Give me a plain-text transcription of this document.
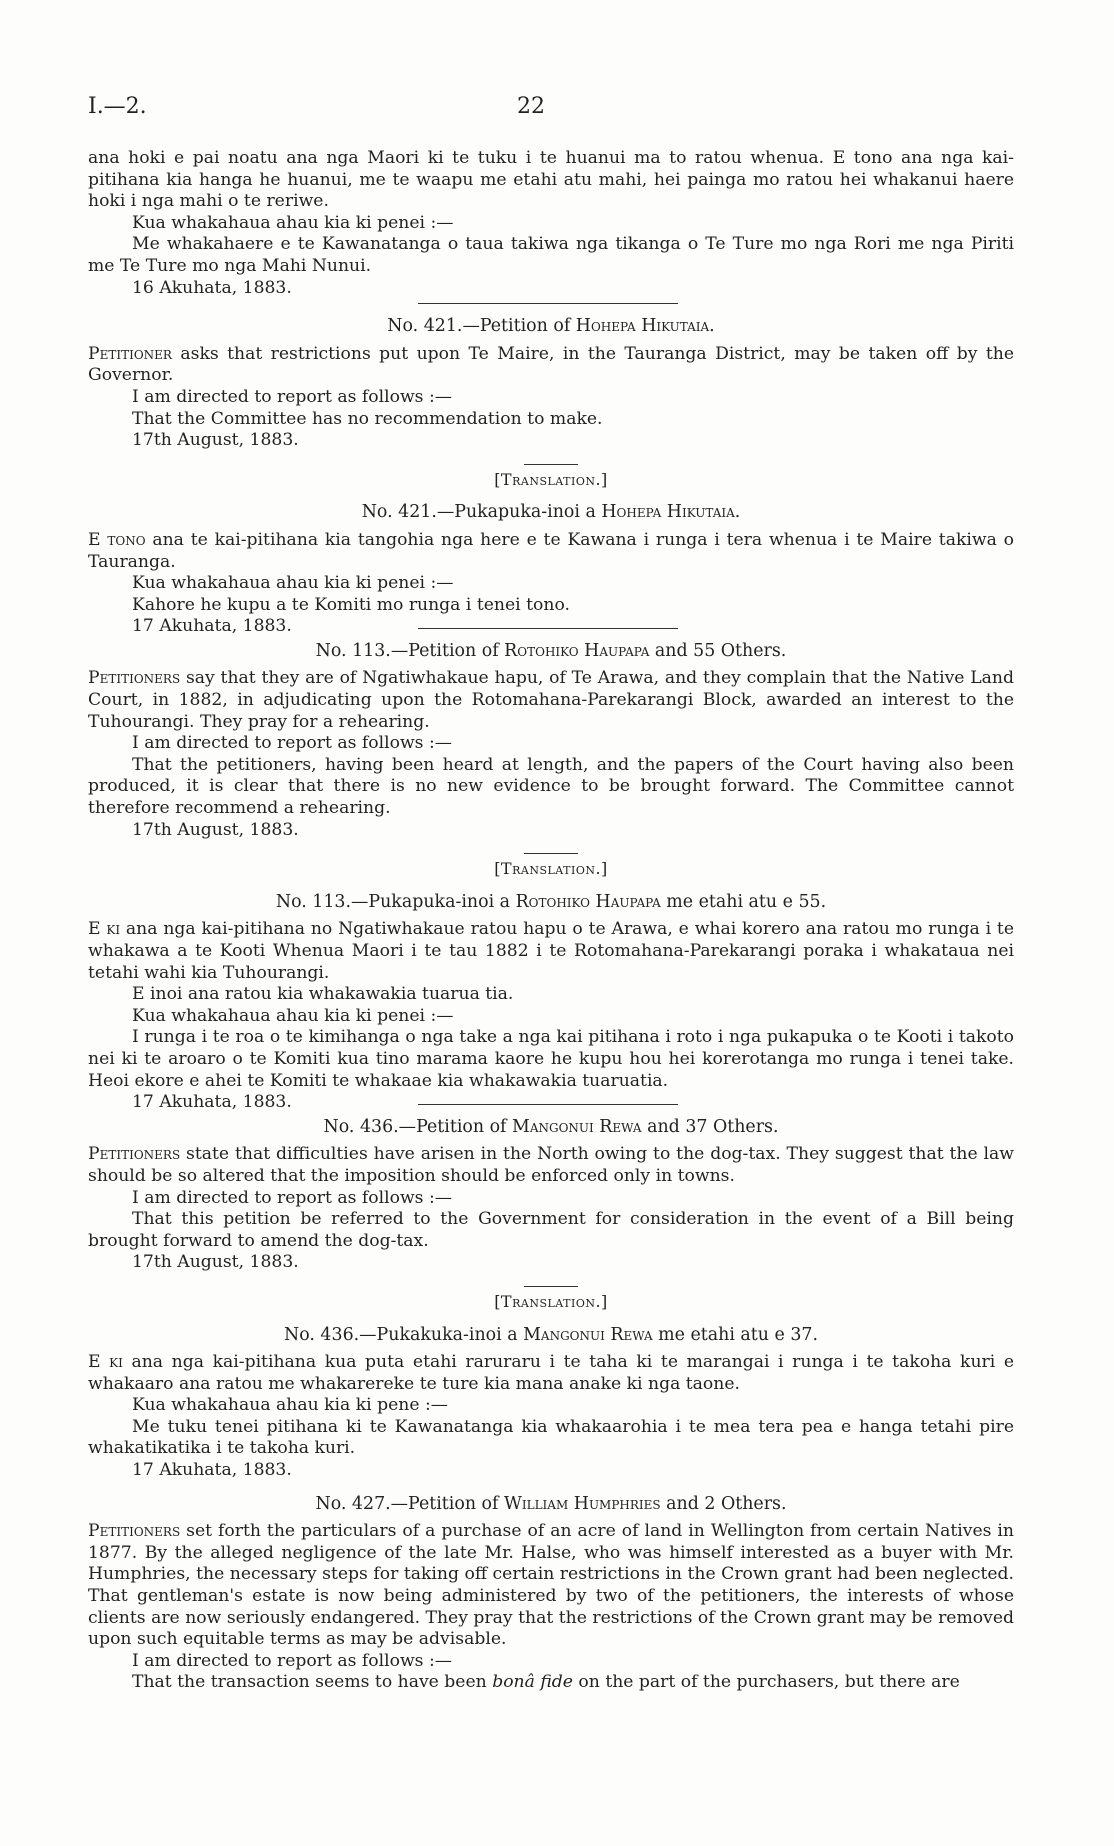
I.—2.	22

ana hoki e pai noatu ana nga Maori ki te tuku i te huanui ma to ratou whenua. E tono ana nga kai-pitihana kia hanga he huanui, me te waapu me etahi atu mahi, hei painga mo ratou hei whakanui haere hoki i nga mahi o te reriwe.

Kua whakahaua ahau kia ki penei :—

Me whakahaere e te Kawanatanga o taua takiwa nga tikanga o Te Ture mo nga Rori me nga Piriti me Te Ture mo nga Mahi Nunui.

16 Akuhata, 1883.

No. 421.—Petition of Hohepa Hikutaia.

Petitioner asks that restrictions put upon Te Maire, in the Tauranga District, may be taken off by the Governor.

I am directed to report as follows :—

That the Committee has no recommendation to make.

17th August, 1883.

[Translation.]

No. 421.—Pukapuka-inoi a Hohepa Hikutaia.

E tono ana te kai-pitihana kia tangohia nga here e te Kawana i runga i tera whenua i te Maire takiwa o Tauranga.

Kua whakahaua ahau kia ki penei :—

Kahore he kupu a te Komiti mo runga i tenei tono.

17 Akuhata, 1883.

No. 113.—Petition of Rotohiko Haupapa and 55 Others.

Petitioners say that they are of Ngatiwhakaue hapu, of Te Arawa, and they complain that the Native Land Court, in 1882, in adjudicating upon the Rotomahana-Parekarangi Block, awarded an interest to the Tuhourangi. They pray for a rehearing.

I am directed to report as follows :—

That the petitioners, having been heard at length, and the papers of the Court having also been produced, it is clear that there is no new evidence to be brought forward. The Committee cannot therefore recommend a rehearing.

17th August, 1883.

[Translation.]

No. 113.—Pukapuka-inoi a Rotohiko Haupapa me etahi atu e 55.

E ki ana nga kai-pitihana no Ngatiwhakaue ratou hapu o te Arawa, e whai korero ana ratou mo runga i te whakawa a te Kooti Whenua Maori i te tau 1882 i te Rotomahana-Parekarangi poraka i whakataua nei tetahi wahi kia Tuhourangi.

E inoi ana ratou kia whakawakia tuarua tia.

Kua whakahaua ahau kia ki penei :—

I runga i te roa o te kimihanga o nga take a nga kai pitihana i roto i nga pukapuka o te Kooti i takoto nei ki te aroaro o te Komiti kua tino marama kaore he kupu hou hei korerotanga mo runga i tenei take. Heoi ekore e ahei te Komiti te whakaae kia whakawakia tuaruatia.

17 Akuhata, 1883.

No. 436.—Petition of Mangonui Rewa and 37 Others.

Petitioners state that difficulties have arisen in the North owing to the dog-tax. They suggest that the law should be so altered that the imposition should be enforced only in towns.

I am directed to report as follows :—

That this petition be referred to the Government for consideration in the event of a Bill being brought forward to amend the dog-tax.

17th August, 1883.

[Translation.]

No. 436.—Pukakuka-inoi a Mangonui Rewa me etahi atu e 37.

E ki ana nga kai-pitihana kua puta etahi raruraru i te taha ki te marangai i runga i te takoha kuri e whakaaro ana ratou me whakarereke te ture kia mana anake ki nga taone.

Kua whakahaua ahau kia ki pene :—

Me tuku tenei pitihana ki te Kawanatanga kia whakaarohia i te mea tera pea e hanga tetahi pire whakatikatika i te takoha kuri.

17 Akuhata, 1883.

No. 427.—Petition of William Humphries and 2 Others.

Petitioners set forth the particulars of a purchase of an acre of land in Wellington from certain Natives in 1877. By the alleged negligence of the late Mr. Halse, who was himself interested as a buyer with Mr. Humphries, the necessary steps for taking off certain restrictions in the Crown grant had been neglected. That gentleman's estate is now being administered by two of the petitioners, the interests of whose clients are now seriously endangered. They pray that the restrictions of the Crown grant may be removed upon such equitable terms as may be advisable.

I am directed to report as follows :—

That the transaction seems to have been bonâ fide on the part of the purchasers, but there are
